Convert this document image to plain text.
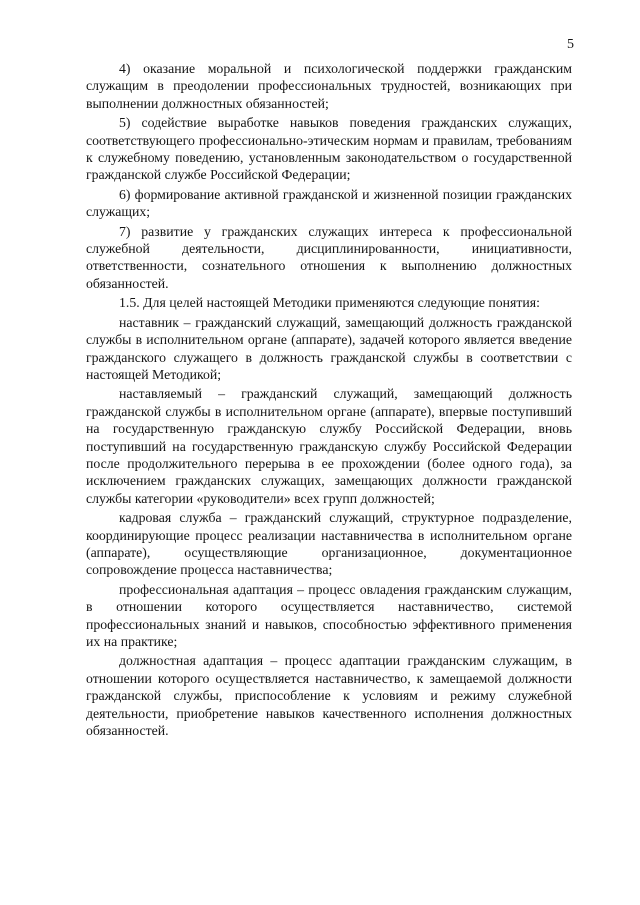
5

4) оказание моральной и психологической поддержки гражданским служащим в преодолении профессиональных трудностей, возникающих при выполнении должностных обязанностей;

5) содействие выработке навыков поведения гражданских служащих, соответствующего профессионально-этическим нормам и правилам, требованиям к служебному поведению, установленным законодательством о государственной гражданской службе Российской Федерации;

6) формирование активной гражданской и жизненной позиции гражданских служащих;

7) развитие у гражданских служащих интереса к профессиональной служебной деятельности, дисциплинированности, инициативности, ответственности, сознательного отношения к выполнению должностных обязанностей.

1.5. Для целей настоящей Методики применяются следующие понятия:

наставник – гражданский служащий, замещающий должность гражданской службы в исполнительном органе (аппарате), задачей которого является введение гражданского служащего в должность гражданской службы в соответствии с настоящей Методикой;

наставляемый – гражданский служащий, замещающий должность гражданской службы в исполнительном органе (аппарате), впервые поступивший на государственную гражданскую службу Российской Федерации, вновь поступивший на государственную гражданскую службу Российской Федерации после продолжительного перерыва в ее прохождении (более одного года), за исключением гражданских служащих, замещающих должности гражданской службы категории «руководители» всех групп должностей;

кадровая служба – гражданский служащий, структурное подразделение, координирующие процесс реализации наставничества в исполнительном органе (аппарате), осуществляющие организационное, документационное сопровождение процесса наставничества;

профессиональная адаптация – процесс овладения гражданским служащим, в отношении которого осуществляется наставничество, системой профессиональных знаний и навыков, способностью эффективного применения их на практике;

должностная адаптация – процесс адаптации гражданским служащим, в отношении которого осуществляется наставничество, к замещаемой должности гражданской службы, приспособление к условиям и режиму служебной деятельности, приобретение навыков качественного исполнения должностных обязанностей.
